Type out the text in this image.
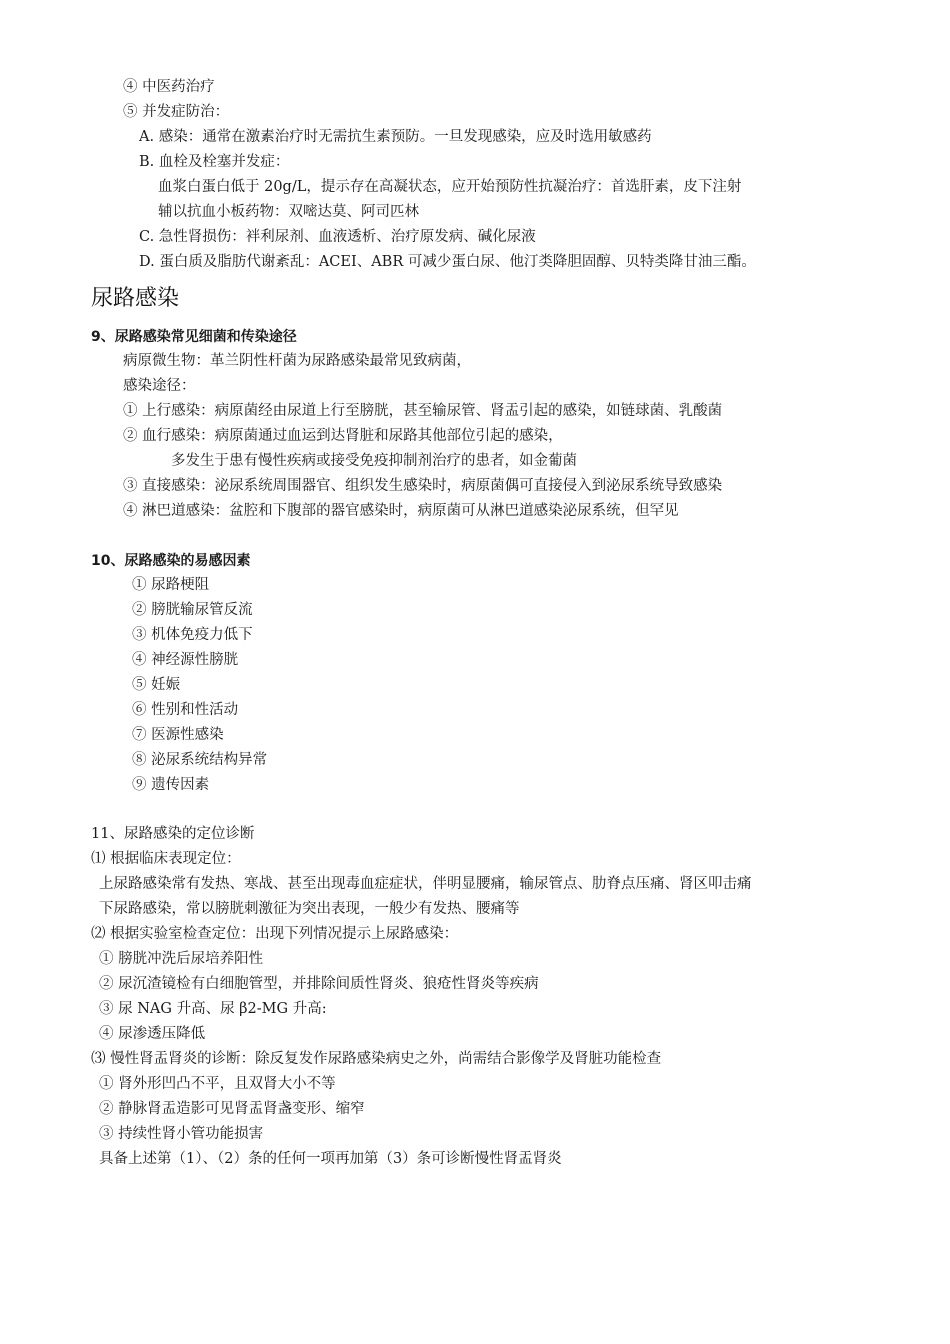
④ 中医药治疗
⑤ 并发症防治：
A. 感染：通常在激素治疗时无需抗生素预防。一旦发现感染，应及时选用敏感药
B. 血栓及栓塞并发症：
血浆白蛋白低于 20g/L，提示存在高凝状态，应开始预防性抗凝治疗：首选肝素，皮下注射
辅以抗血小板药物：双嘧达莫、阿司匹林
C. 急性肾损伤：袢利尿剂、血液透析、治疗原发病、碱化尿液
D. 蛋白质及脂肪代谢紊乱：ACEI、ABR 可减少蛋白尿、他汀类降胆固醇、贝特类降甘油三酯。
尿路感染
9、尿路感染常见细菌和传染途径
病原微生物：革兰阴性杆菌为尿路感染最常见致病菌，
感染途径：
① 上行感染：病原菌经由尿道上行至膀胱，甚至输尿管、肾盂引起的感染，如链球菌、乳酸菌
② 血行感染：病原菌通过血运到达肾脏和尿路其他部位引起的感染，
多发生于患有慢性疾病或接受免疫抑制剂治疗的患者，如金葡菌
③ 直接感染：泌尿系统周围器官、组织发生感染时，病原菌偶可直接侵入到泌尿系统导致感染
④ 淋巴道感染：盆腔和下腹部的器官感染时，病原菌可从淋巴道感染泌尿系统，但罕见
10、尿路感染的易感因素
① 尿路梗阻
② 膀胱输尿管反流
③ 机体免疫力低下
④ 神经源性膀胱
⑤ 妊娠
⑥ 性别和性活动
⑦ 医源性感染
⑧ 泌尿系统结构异常
⑨ 遗传因素
11、尿路感染的定位诊断
⑴ 根据临床表现定位：
上尿路感染常有发热、寒战、甚至出现毒血症症状，伴明显腰痛，输尿管点、肋脊点压痛、肾区叩击痛
下尿路感染，常以膀胱刺激征为突出表现，一般少有发热、腰痛等
⑵ 根据实验室检查定位：出现下列情况提示上尿路感染：
① 膀胱冲洗后尿培养阳性
② 尿沉渣镜检有白细胞管型，并排除间质性肾炎、狼疮性肾炎等疾病
③ 尿 NAG 升高、尿 β2-MG 升高:
④ 尿渗透压降低
⑶ 慢性肾盂肾炎的诊断：除反复发作尿路感染病史之外，尚需结合影像学及肾脏功能检查
① 肾外形凹凸不平，且双肾大小不等
② 静脉肾盂造影可见肾盂肾盏变形、缩窄
③ 持续性肾小管功能损害
具备上述第（1）、（2）条的任何一项再加第（3）条可诊断慢性肾盂肾炎
